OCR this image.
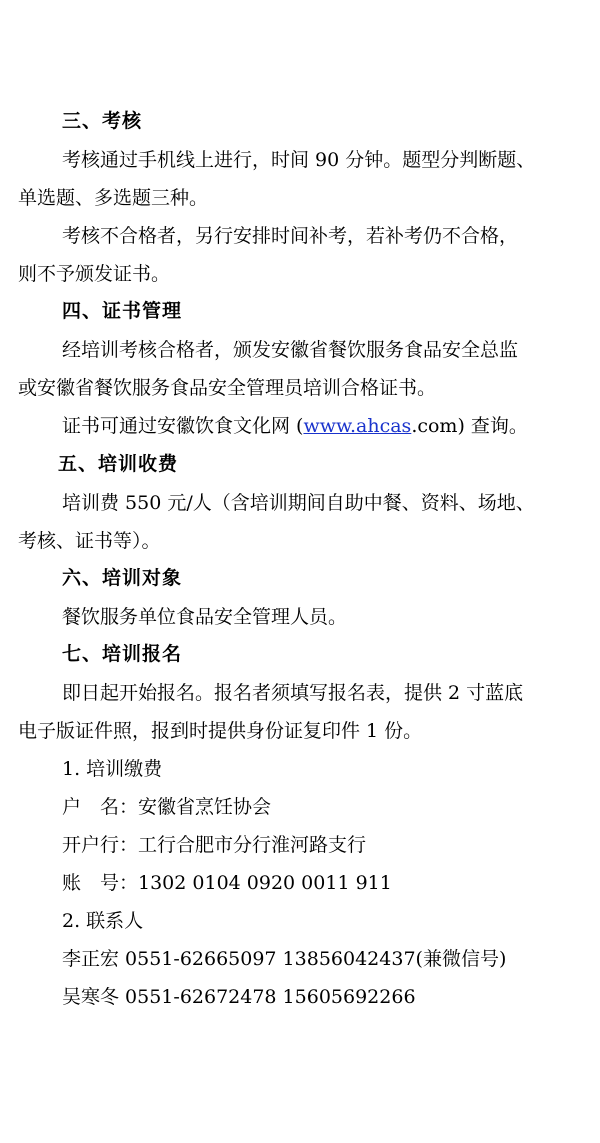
三、考核
考核通过手机线上进行，时间 90 分钟。题型分判断题、
单选题、多选题三种。
考核不合格者，另行安排时间补考，若补考仍不合格，
则不予颁发证书。
四、证书管理
经培训考核合格者，颁发安徽省餐饮服务食品安全总监
或安徽省餐饮服务食品安全管理员培训合格证书。
证书可通过安徽饮食文化网 (www.ahcas.com) 查询。
五、培训收费
培训费 550 元/人（含培训期间自助中餐、资料、场地、
考核、证书等）。
六、培训对象
餐饮服务单位食品安全管理人员。
七、培训报名
即日起开始报名。报名者须填写报名表，提供 2 寸蓝底
电子版证件照，报到时提供身份证复印件 1 份。
1. 培训缴费
户　名：安徽省烹饪协会
开户行：工行合肥市分行淮河路支行
账　号：1302 0104 0920 0011 911
2. 联系人
李正宏 0551-62665097 13856042437(兼微信号)
吴寒冬 0551-62672478 15605692266
